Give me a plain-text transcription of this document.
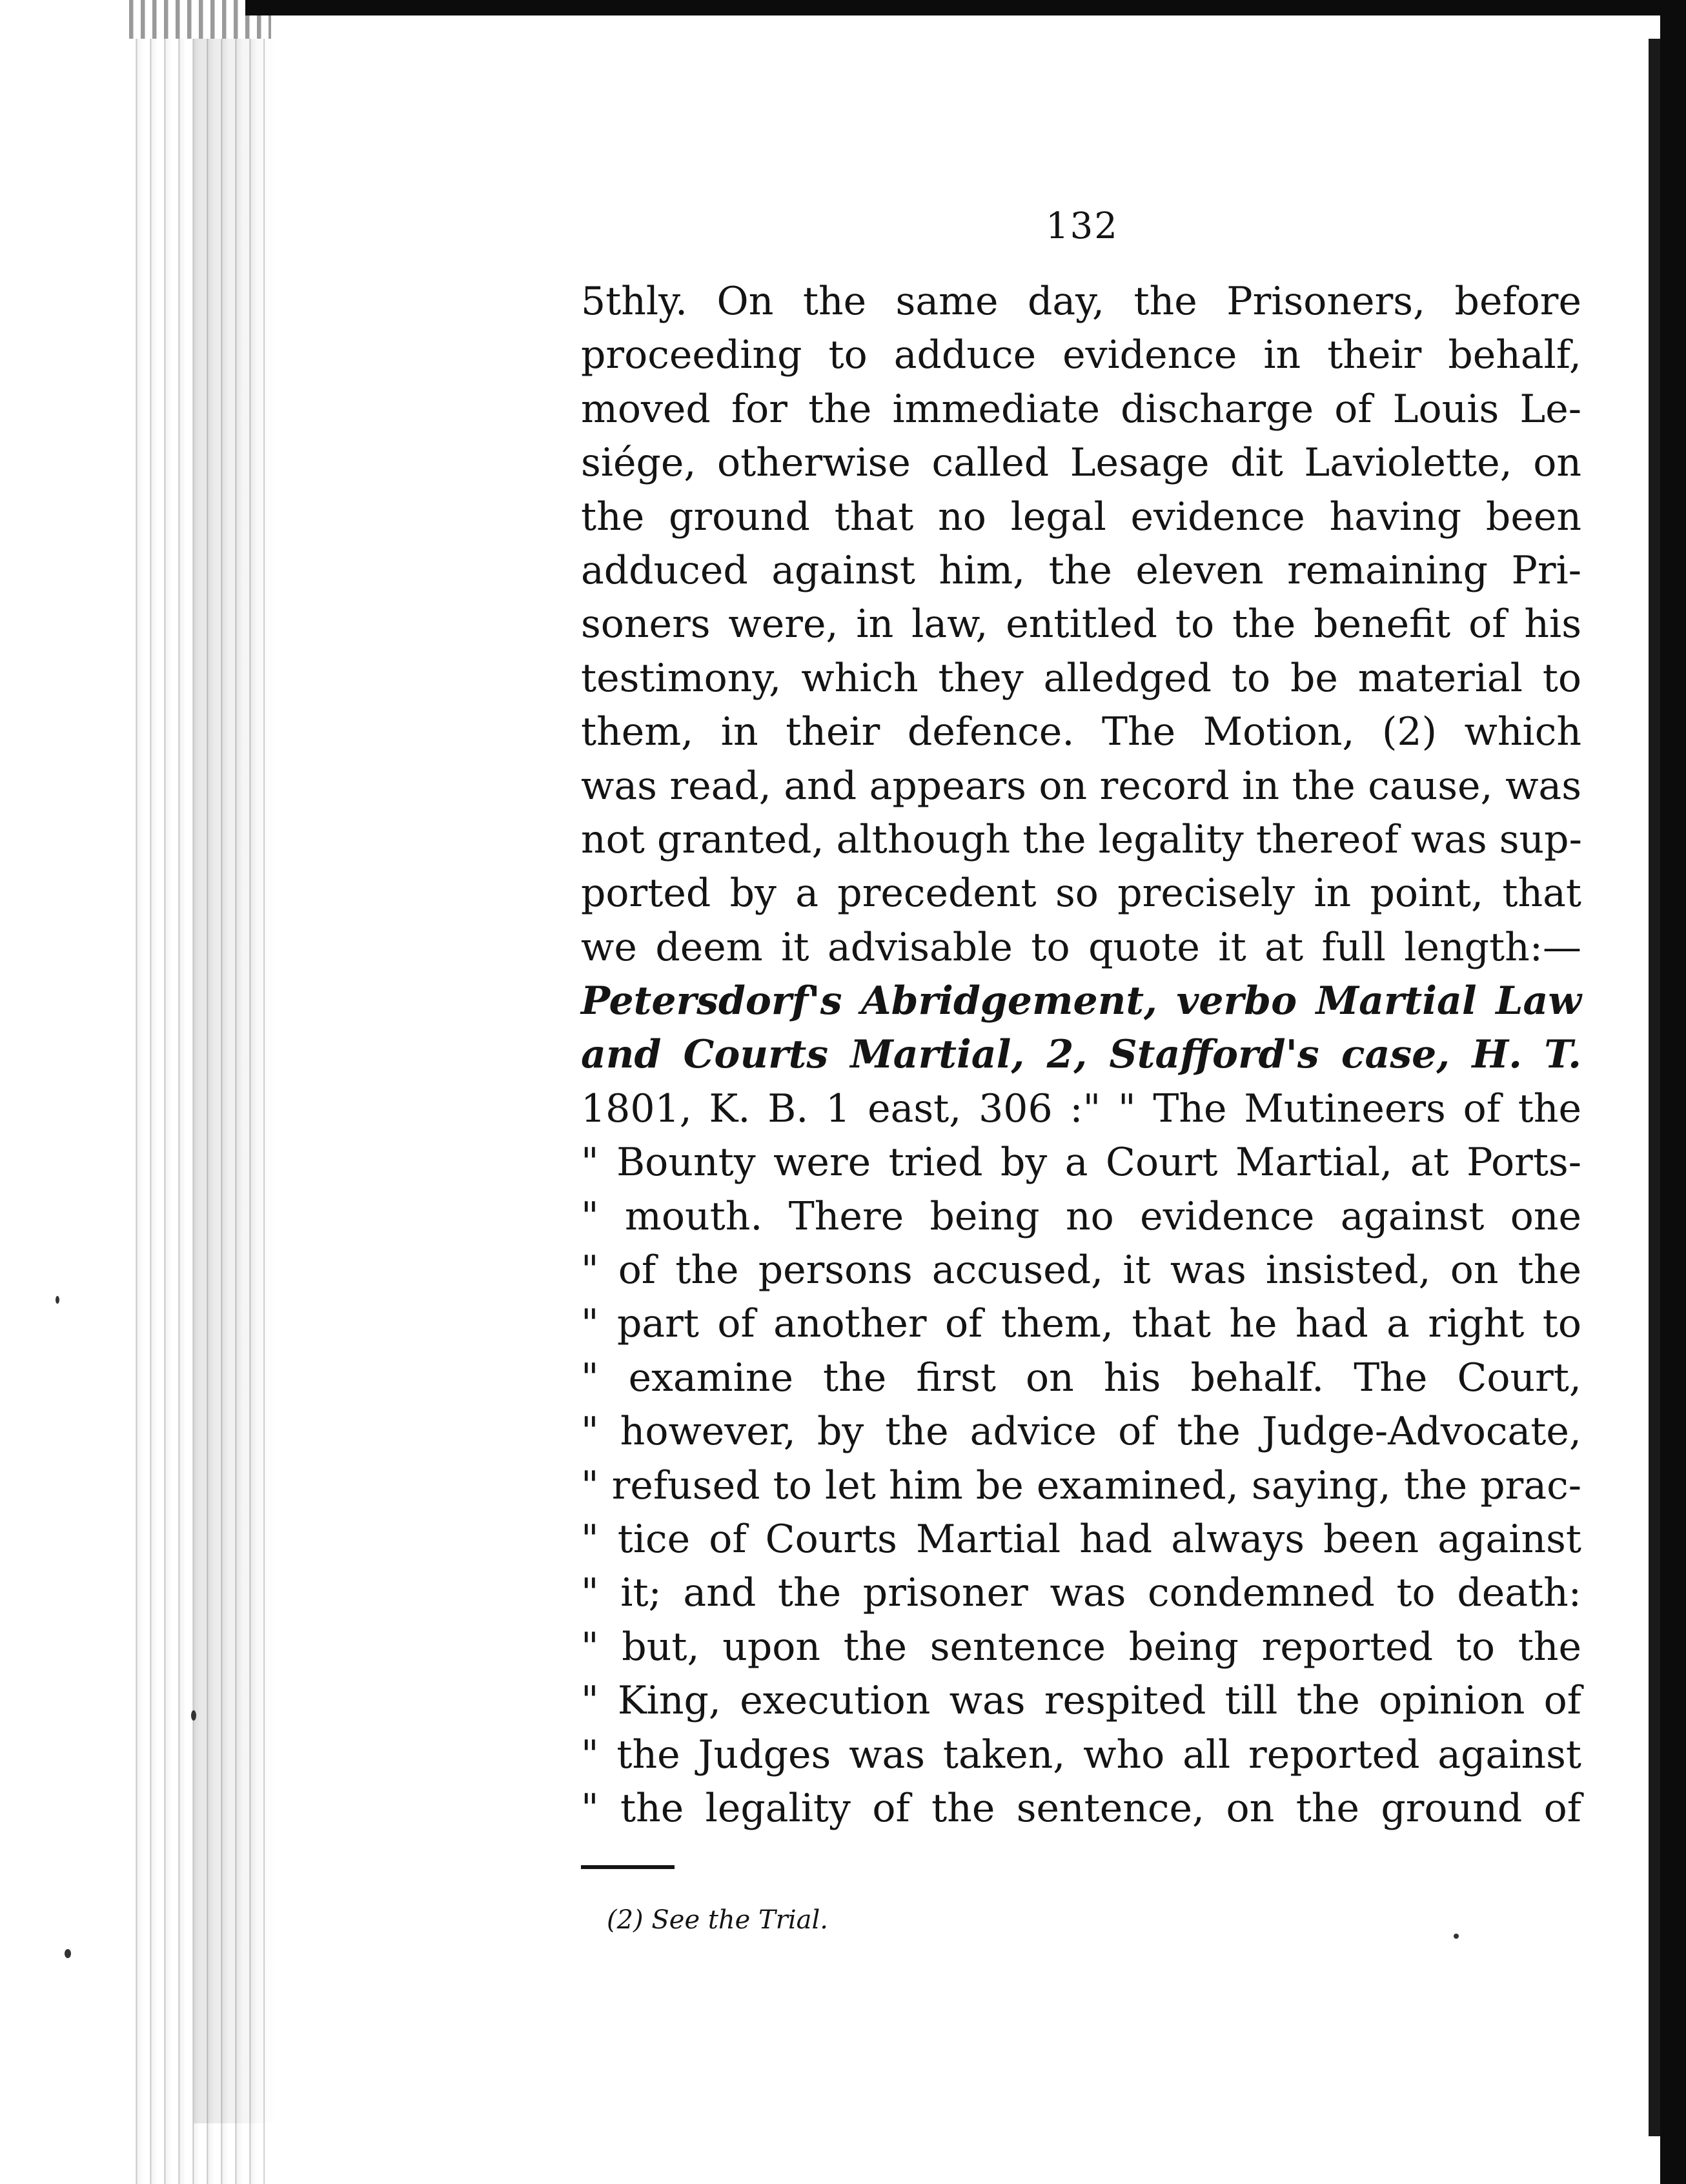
132
5thly. On the same day, the Prisoners, before
proceeding to adduce evidence in their behalf,
moved for the immediate discharge of Louis Le-
siége, otherwise called Lesage dit Laviolette, on
the ground that no legal evidence having been
adduced against him, the eleven remaining Pri-
soners were, in law, entitled to the benefit of his
testimony, which they alledged to be material to
them, in their defence. The Motion, (2) which
was read, and appears on record in the cause, was
not granted, although the legality thereof was sup-
ported by a precedent so precisely in point, that
we deem it advisable to quote it at full length:—
Petersdorf's Abridgement, verbo Martial Law
and Courts Martial, 2, Stafford's case, H. T.
1801, K. B. 1 east, 306 :" " The Mutineers of the
" Bounty were tried by a Court Martial, at Ports-
" mouth. There being no evidence against one
" of the persons accused, it was insisted, on the
" part of another of them, that he had a right to
" examine the first on his behalf. The Court,
" however, by the advice of the Judge-Advocate,
" refused to let him be examined, saying, the prac-
" tice of Courts Martial had always been against
" it; and the prisoner was condemned to death:
" but, upon the sentence being reported to the
" King, execution was respited till the opinion of
" the Judges was taken, who all reported against
" the legality of the sentence, on the ground of
(2) See the Trial.
